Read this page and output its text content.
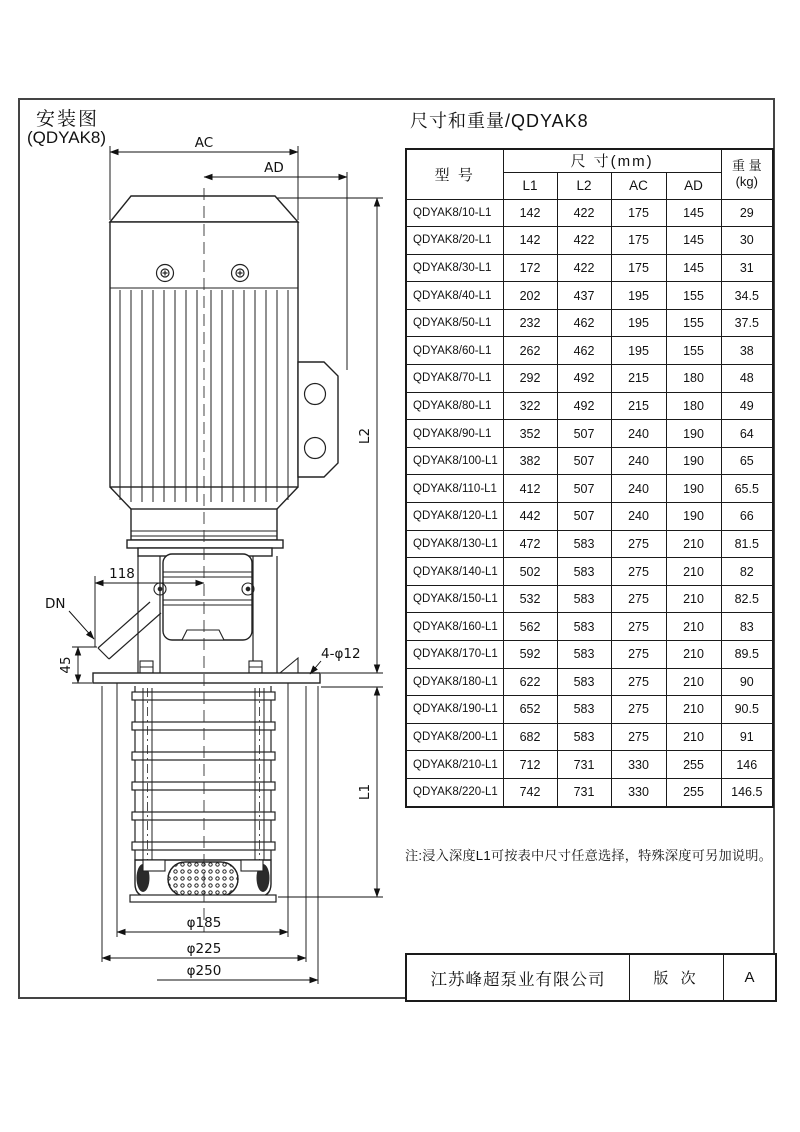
安装图
(QDYAK8)
尺寸和重量/QDYAK8
AC
AD
L2
L1
118
DN
45
4-φ12
φ185
φ225
φ250
型 号	尺 寸(mm)				重 量
(kg)
	L1	L2	AC	AD	
QDYAK8/10-L1	142	422	175	145	29
QDYAK8/20-L1	142	422	175	145	30
QDYAK8/30-L1	172	422	175	145	31
QDYAK8/40-L1	202	437	195	155	34.5
QDYAK8/50-L1	232	462	195	155	37.5
QDYAK8/60-L1	262	462	195	155	38
QDYAK8/70-L1	292	492	215	180	48
QDYAK8/80-L1	322	492	215	180	49
QDYAK8/90-L1	352	507	240	190	64
QDYAK8/100-L1	382	507	240	190	65
QDYAK8/110-L1	412	507	240	190	65.5
QDYAK8/120-L1	442	507	240	190	66
QDYAK8/130-L1	472	583	275	210	81.5
QDYAK8/140-L1	502	583	275	210	82
QDYAK8/150-L1	532	583	275	210	82.5
QDYAK8/160-L1	562	583	275	210	83
QDYAK8/170-L1	592	583	275	210	89.5
QDYAK8/180-L1	622	583	275	210	90
QDYAK8/190-L1	652	583	275	210	90.5
QDYAK8/200-L1	682	583	275	210	91
QDYAK8/210-L1	712	731	330	255	146
QDYAK8/220-L1	742	731	330	255	146.5
注:浸入深度L1可按表中尺寸任意选择，特殊深度可另加说明。
江苏峰超泵业有限公司	版 次	A
